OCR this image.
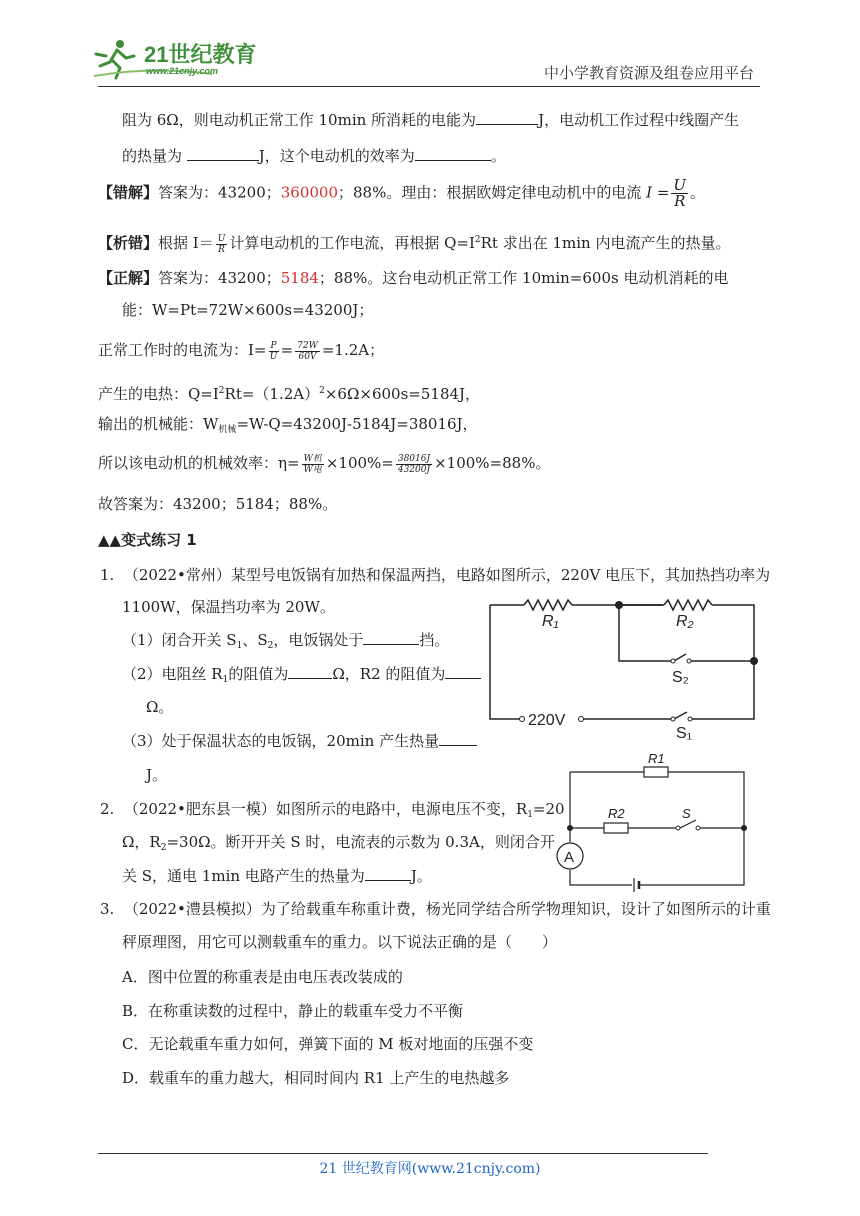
21世纪教育
www.21cnjy.com	中小学教育资源及组卷应用平台
阻为 6Ω，则电动机正常工作 10min 所消耗的电能为	J，电动机工作过程中线圈产生
的热量为	J，这个电动机的效率为	。
【错解】答案为：43200；360000；88%。理由：根据欧姆定律电动机中的电流 $I = \frac{U}{R}$ 。
【析错】根据 $I= \frac{U}{R}$ 计算电动机的工作电流，再根据 $Q=I^2Rt$ 求出在 1min 内电流产生的热量。
【正解】答案为：43200；5184；88%。这台电动机正常工作 10min=600s 电动机消耗的电
能：W=Pt=72W×600s=43200J；
正常工作时的电流为：$I= \frac{P}{U} = \frac{72W}{60V} =1.2A$；
产生的电热：$Q=I^2Rt=(1.2A)^2\times 6\Omega\times 600s=5184J$，
输出的机械能：$W_{机械}=W-Q=43200J-5184J=38016J$，
所以该电动机的机械效率：$\eta= \frac{\text{W机}}{\text{W电}} \times 100\%= \frac{38016J}{43200J} \times 100\%=88\%$。
故答案为：43200；5184；88%。
▲▲变式练习 1
1. （2022•常州）某型号电饭锅有加热和保温两挡，电路如图所示，220V 电压下，其加热挡功率为
1100W，保温挡功率为 20W。
（1）闭合开关 $S_1$、$S_2$，电饭锅处于	挡。
（2）电阻丝 $R_1$的阻值为	Ω，R2 的阻值为
Ω。
（3）处于保温状态的电饭锅，20min 产生热量
J。
R₁	R₂
S₂
S₁
220V
2. （2022•肥东县一模）如图所示的电路中，电源电压不变，$R_1=20$
Ω，$R_2=30\Omega$。断开开关 S 时，电流表的示数为 0.3A，则闭合开
关 S，通电 1min 电路产生的热量为	J。
A
R1
R2	S
3. （2022•澧县模拟）为了给载重车称重计费，杨光同学结合所学物理知识，设计了如图所示的计重
秤原理图，用它可以测载重车的重力。以下说法正确的是（　　）
A．图中位置的称重表是由电压表改装成的
B．在称重读数的过程中，静止的载重车受力不平衡
C．无论载重车重力如何，弹簧下面的 M 板对地面的压强不变
D．载重车的重力越大，相同时间内 R1 上产生的电热越多
21 世纪教育网(www.21cnjy.com)
